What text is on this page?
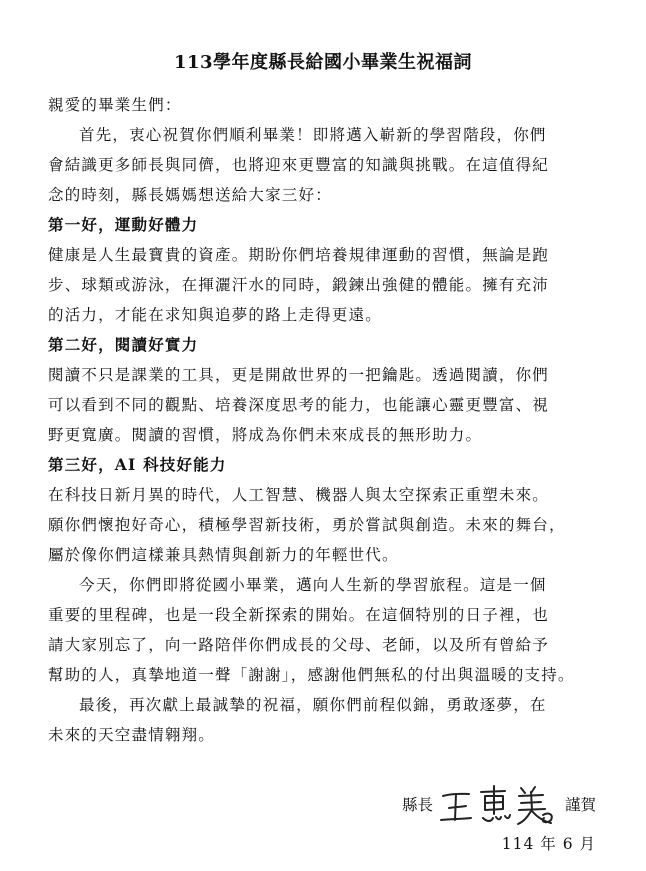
113學年度縣長給國小畢業生祝福詞
親愛的畢業生們：
首先，衷心祝賀你們順利畢業！即將邁入嶄新的學習階段，你們
會結識更多師長與同儕，也將迎來更豐富的知識與挑戰。在這值得紀
念的時刻，縣長媽媽想送給大家三好：
第一好，運動好體力
健康是人生最寶貴的資產。期盼你們培養規律運動的習慣，無論是跑
步、球類或游泳，在揮灑汗水的同時，鍛鍊出強健的體能。擁有充沛
的活力，才能在求知與追夢的路上走得更遠。
第二好，閱讀好實力
閱讀不只是課業的工具，更是開啟世界的一把鑰匙。透過閱讀，你們
可以看到不同的觀點、培養深度思考的能力，也能讓心靈更豐富、視
野更寬廣。閱讀的習慣，將成為你們未來成長的無形助力。
第三好，AI 科技好能力
在科技日新月異的時代，人工智慧、機器人與太空探索正重塑未來。
願你們懷抱好奇心，積極學習新技術，勇於嘗試與創造。未來的舞台，
屬於像你們這樣兼具熱情與創新力的年輕世代。
今天，你們即將從國小畢業，邁向人生新的學習旅程。這是一個
重要的里程碑，也是一段全新探索的開始。在這個特別的日子裡，也
請大家別忘了，向一路陪伴你們成長的父母、老師，以及所有曾給予
幫助的人，真摯地道一聲「謝謝」，感謝他們無私的付出與溫暖的支持。
最後，再次獻上最誠摯的祝福，願你們前程似錦，勇敢逐夢，在
未來的天空盡情翱翔。
縣長	謹賀
114 年 6 月
